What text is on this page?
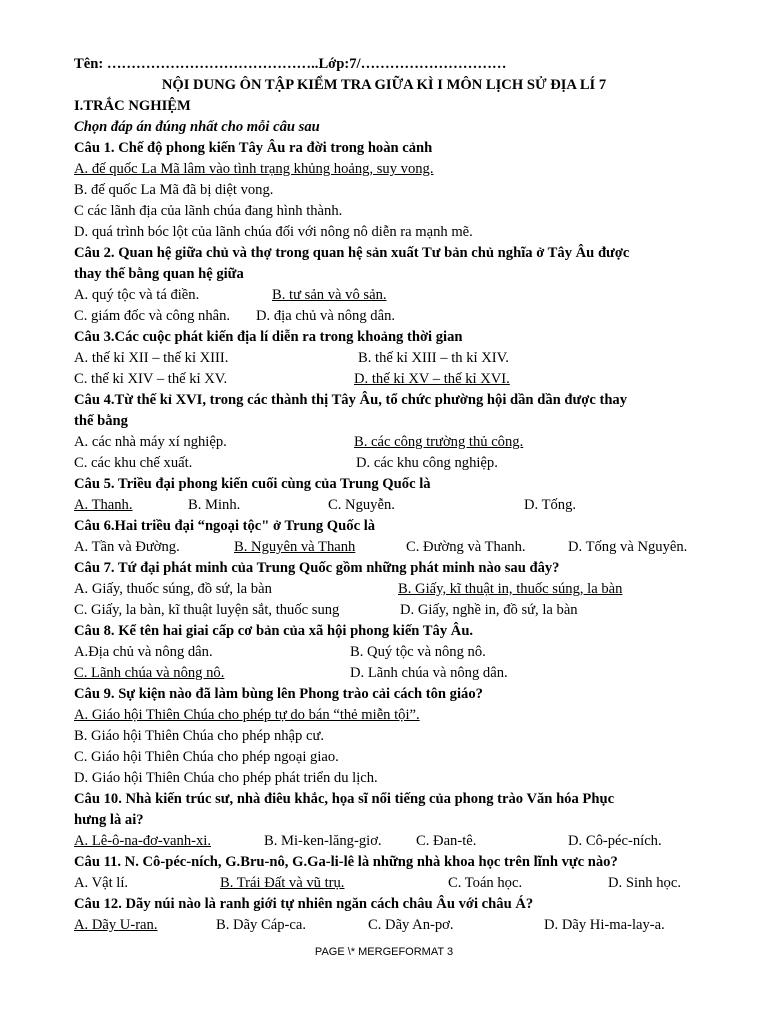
Tên: ……………………………………..Lớp:7/…………………………
NỘI DUNG ÔN TẬP KIỂM TRA GIỮA KÌ I MÔN LỊCH SỬ ĐỊA LÍ 7
I.TRẮC NGHIỆM
Chọn đáp án đúng nhất cho mỗi câu sau
Câu 1. Chế độ phong kiến Tây Âu ra đời trong hoàn cảnh
A. đế quốc La Mã lâm vào tình trạng khủng hoảng, suy vong.
B. đế quốc La Mã đã bị diệt vong.
C các lãnh địa của lãnh chúa đang hình thành.
D. quá trình bóc lột của lãnh chúa đối với nông nô diễn ra mạnh mẽ.
Câu 2. Quan hệ giữa chủ và thợ trong quan hệ sản xuất Tư bản chủ nghĩa ở Tây Âu được
thay thế bằng quan hệ giữa
A. quý tộc và tá điền.	B. tư sản và vô sản.
C. giám đốc và công nhân. D. địa chủ và nông dân.
Câu 3.Các cuộc phát kiến địa lí diễn ra trong khoảng thời gian
A. thế kỉ XII – thế kỉ XIII.	B. thế kỉ XIII – th kỉ XIV.
C. thế kỉ XIV – thế kỉ XV.	D. thế kỉ XV – thế kỉ XVI.
Câu 4.Từ thế kỉ XVI, trong các thành thị Tây Âu, tổ chức phường hội dần dần được thay
thế bằng
A. các nhà máy xí nghiệp.	B. các công trường thủ công.
C. các khu chế xuất.	D. các khu công nghiệp.
Câu 5. Triều đại phong kiến cuối cùng của Trung Quốc là
A. Thanh.	B. Minh.	C. Nguyễn.	D. Tống.
Câu 6.Hai triều đại “ngoại tộc" ở Trung Quốc là
A. Tần và Đường.	B. Nguyên và Thanh	C. Đường và Thanh.	D. Tống và Nguyên.
Câu 7. Tứ đại phát minh của Trung Quốc gồm những phát minh nào sau đây?
A. Giấy, thuốc súng, đồ sứ, la bàn	B. Giấy, kĩ thuật in, thuốc súng, la bàn
C. Giấy, la bàn, kĩ thuật luyện sắt, thuốc sung	D. Giấy, nghề in, đồ sứ, la bàn
Câu 8. Kể tên hai giai cấp cơ bản của xã hội phong kiến Tây Âu.
A.Địa chủ và nông dân.	B. Quý tộc và nông nô.
C. Lãnh chúa và nông nô.	D. Lãnh chúa và nông dân.
Câu 9. Sự kiện nào đã làm bùng lên Phong trào cải cách tôn giáo?
A. Giáo hội Thiên Chúa cho phép tự do bán “thẻ miễn tội”.
B. Giáo hội Thiên Chúa cho phép nhập cư.
C. Giáo hội Thiên Chúa cho phép ngoại giao.
D. Giáo hội Thiên Chúa cho phép phát triển du lịch.
Câu 10. Nhà kiến trúc sư, nhà điêu khắc, họa sĩ nổi tiếng của phong trào Văn hóa Phục
hưng là ai?
A. Lê-ô-na-đơ-vanh-xi.	B. Mi-ken-lăng-giơ. C. Đan-tê.	D. Cô-péc-ních.
Câu 11. N. Cô-péc-ních, G.Bru-nô, G.Ga-li-lê là những nhà khoa học trên lĩnh vực nào?
A. Vật lí.	B. Trái Đất và vũ trụ.	C. Toán học.	D. Sinh học.
Câu 12. Dãy núi nào là ranh giới tự nhiên ngăn cách châu Âu với châu Á?
A. Dãy U-ran.	B. Dãy Cáp-ca.	C. Dãy An-pơ.	D. Dãy Hi-ma-lay-a.
PAGE \* MERGEFORMAT 3
